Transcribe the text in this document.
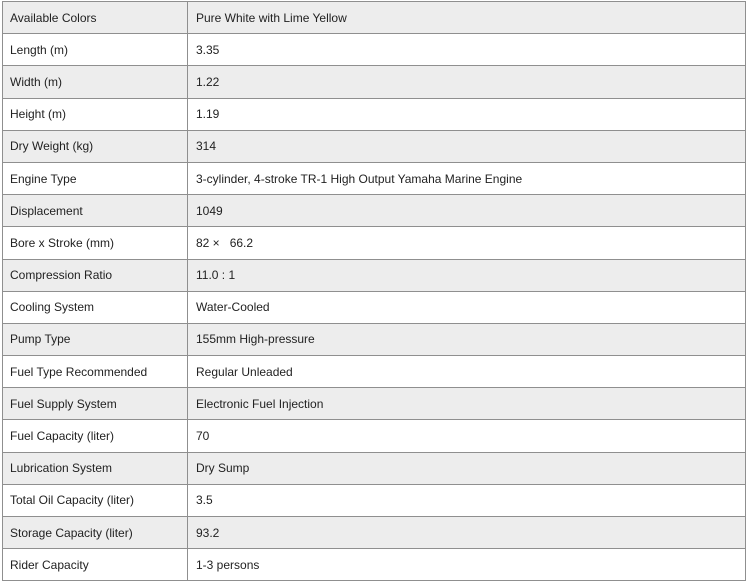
Available Colors	Pure White with Lime Yellow
Length (m)	3.35
Width (m)	1.22
Height (m)	1.19
Dry Weight (kg)	314
Engine Type	3-cylinder, 4-stroke TR-1 High Output Yamaha Marine Engine
Displacement	1049
Bore x Stroke (mm)	82 ×   66.2
Compression Ratio	11.0 : 1
Cooling System	Water-Cooled
Pump Type	155mm High-pressure
Fuel Type Recommended	Regular Unleaded
Fuel Supply System	Electronic Fuel Injection
Fuel Capacity (liter)	70
Lubrication System	Dry Sump
Total Oil Capacity (liter)	3.5
Storage Capacity (liter)	93.2
Rider Capacity	1-3 persons
